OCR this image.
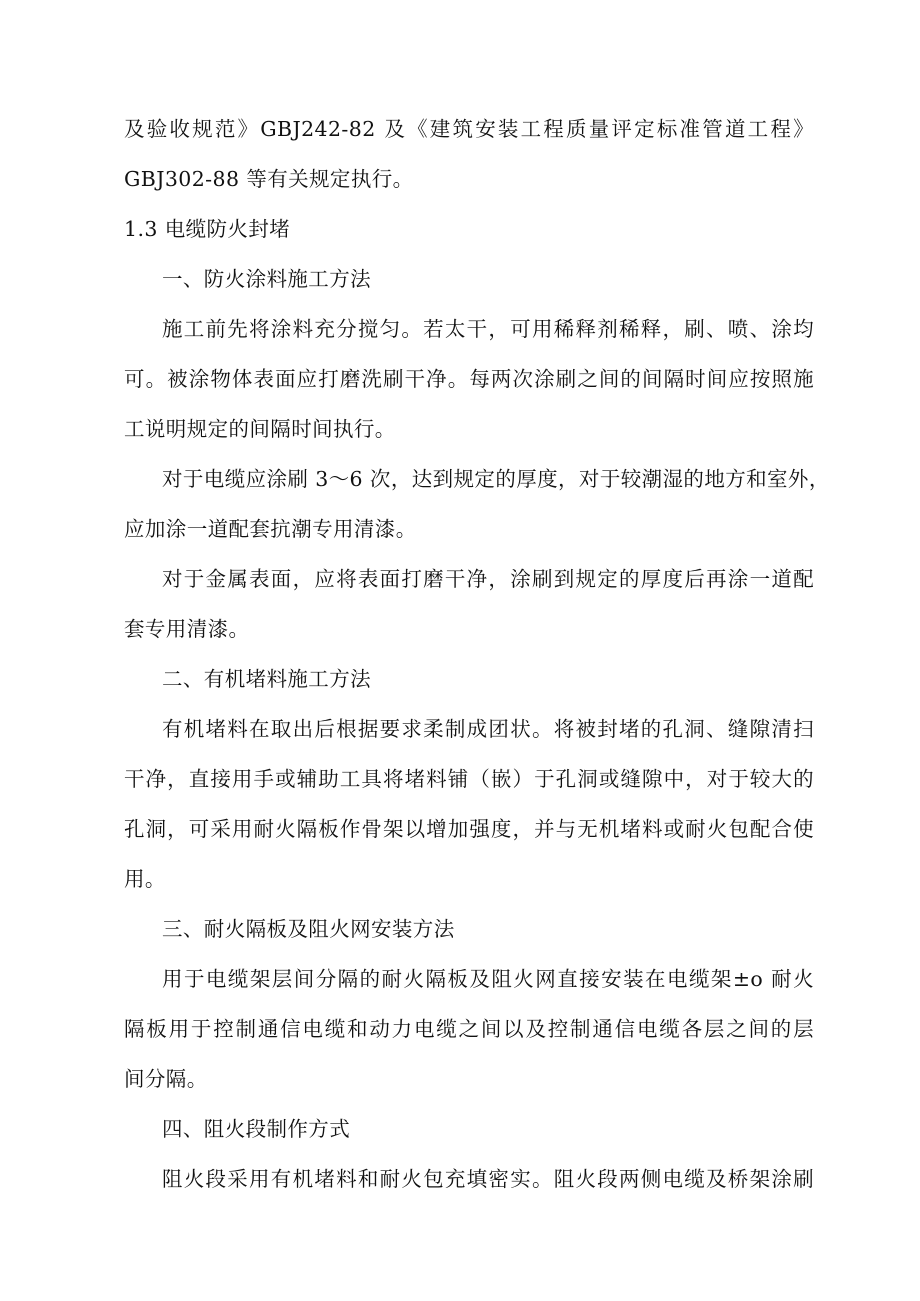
及验收规范》GBJ242-82 及《建筑安装工程质量评定标准管道工程》
GBJ302-88 等有关规定执行。
1.3 电缆防火封堵
一、防火涂料施工方法
施工前先将涂料充分搅匀。若太干，可用稀释剂稀释，刷、喷、涂均
可。被涂物体表面应打磨洗刷干净。每两次涂刷之间的间隔时间应按照施
工说明规定的间隔时间执行。
对于电缆应涂刷 3～6 次，达到规定的厚度，对于较潮湿的地方和室外，
应加涂一道配套抗潮专用清漆。
对于金属表面，应将表面打磨干净，涂刷到规定的厚度后再涂一道配
套专用清漆。
二、有机堵料施工方法
有机堵料在取出后根据要求柔制成团状。将被封堵的孔洞、缝隙清扫
干净，直接用手或辅助工具将堵料铺（嵌）于孔洞或缝隙中，对于较大的
孔洞，可采用耐火隔板作骨架以增加强度，并与无机堵料或耐火包配合使
用。
三、耐火隔板及阻火网安装方法
用于电缆架层间分隔的耐火隔板及阻火网直接安装在电缆架±o 耐火
隔板用于控制通信电缆和动力电缆之间以及控制通信电缆各层之间的层
间分隔。
四、阻火段制作方式
阻火段采用有机堵料和耐火包充填密实。阻火段两侧电缆及桥架涂刷
